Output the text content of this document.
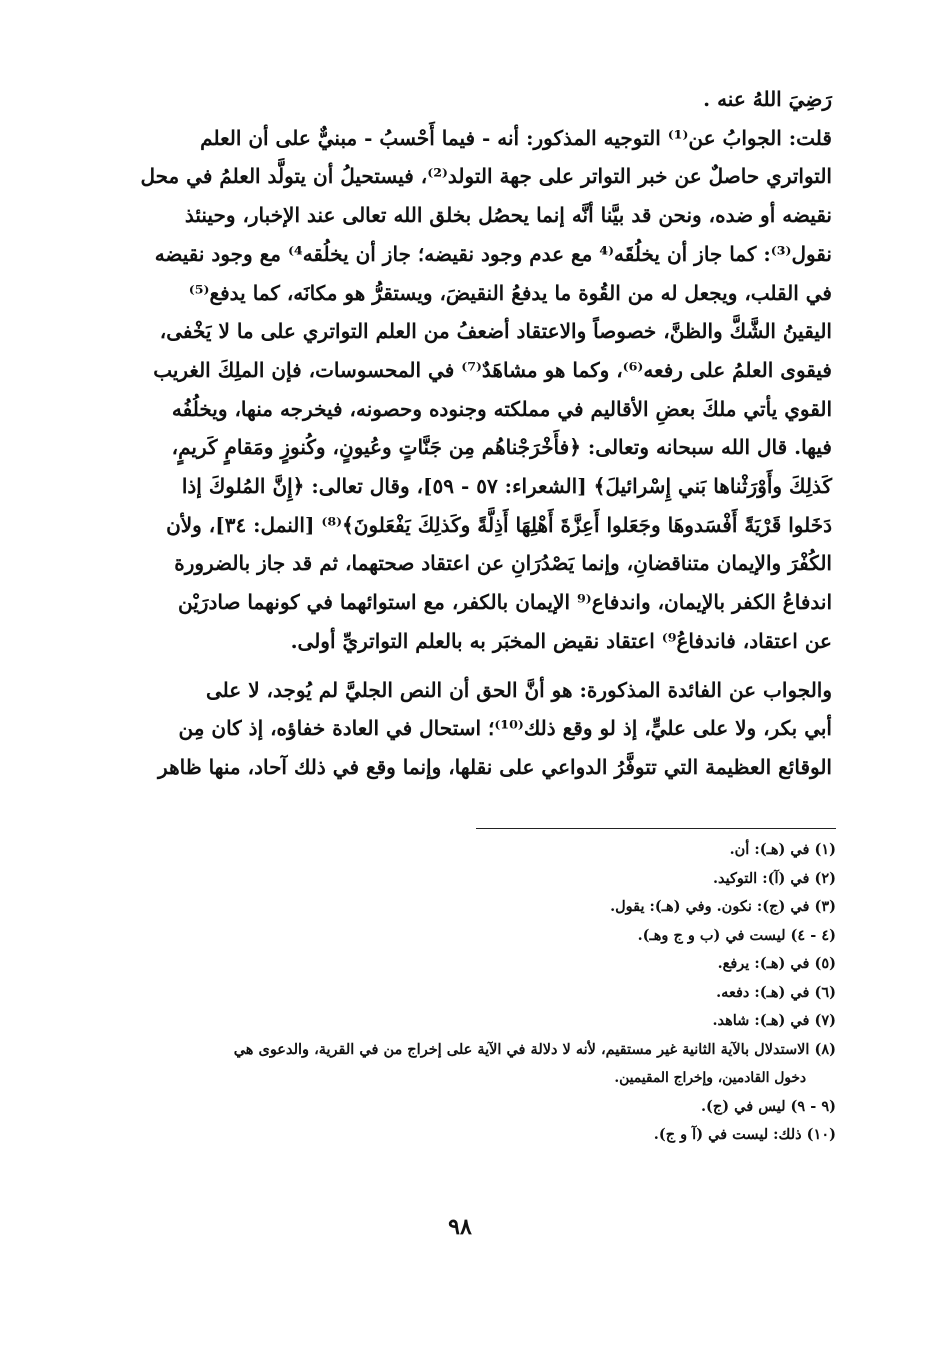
رَضِيَ اللهُ عنه .
قلت: الجوابُ عن⁽¹⁾ التوجيه المذكور: أنه - فيما أَحْسبُ - مبنيٌّ على أن العلم
التواتري حاصلٌ عن خبر التواتر على جهة التولد⁽²⁾، فيستحيلُ أن يتولَّد العلمُ في محل
نقيضه أو ضده، ونحن قد بيَّنا أنَّه إنما يحصُل بخلق الله تعالى عند الإخبار، وحينئذ
نقول⁽³⁾: كما جاز أن يخلُقَه⁽⁴ مع عدم وجود نقيضه؛ جاز أن يخلُقه⁴⁾ مع وجود نقيضه
في القلب، ويجعل له من القُوة ما يدفعُ النقيضَ، ويستقرُّ هو مكانَه، كما يدفع⁽⁵⁾
اليقينُ الشَّكَّ والظنَّ، خصوصاً والاعتقاد أضعفُ من العلم التواتري على ما لا يَخْفى،
فيقوى العلمُ على رفعه⁽⁶⁾، وكما هو مشاهَدٌ⁽⁷⁾ في المحسوسات، فإن الملِكَ الغريب
القوي يأتي ملكَ بعضِ الأقاليم في مملكته وجنوده وحصونه، فيخرجه منها، ويخلُفُه
فيها. قال الله سبحانه وتعالى: ﴿فأَخْرَجْناهُم مِن جَنَّاتٍ وعُيونٍ، وكُنوزٍ ومَقامٍ كَريمٍ،
كَذلِكَ وأَوْرَثْناها بَني إِسْرائيلَ﴾ [الشعراء: ٥٧ - ٥٩]، وقال تعالى: ﴿إِنَّ المُلوكَ إذا
دَخَلوا قَرْيَةً أَفْسَدوهَا وجَعَلوا أَعِزَّةَ أَهْلِهَا أَذِلَّةً وكَذلِكَ يَفْعَلونَ﴾⁽⁸⁾ [النمل: ٣٤]، ولأن
الكُفْرَ والإيمان متناقضانِ، وإنما يَصْدُرَانِ عن اعتقاد صحتهما، ثم قد جاز بالضرورة
اندفاعُ الكفر بالإيمان، واندفاع⁽⁹ الإيمان بالكفر، مع استوائهما في كونهما صادرَيْن
عن اعتقاد، فاندفاعُ⁹⁾ اعتقاد نقيض المخبَر به بالعلم التواتريِّ أولى.
والجواب عن الفائدة المذكورة: هو أنَّ الحق أن النص الجليَّ لم يُوجد، لا على
أبي بكر، ولا على عليٍّ، إذ لو وقع ذلك⁽¹⁰⁾؛ استحال في العادة خفاؤه، إذ كان مِن
الوقائع العظيمة التي تتوفَّرُ الدواعي على نقلها، وإنما وقع في ذلك آحاد، منها ظاهر
(١) في (هـ): أن.
(٢) في (آ): التوكيد.
(٣) في (ج): نكون. وفي (هـ): يقول.
(٤ - ٤) ليست في (ب و ج وهـ).
(٥) في (هـ): يرفع.
(٦) في (هـ): دفعه.
(٧) في (هـ): شاهد.
(٨) الاستدلال بالآية الثانية غير مستقيم، لأنه لا دلالة في الآية على إخراج من في القرية، والدعوى هي
دخول القادمين، وإخراج المقيمين.
(٩ - ٩) ليس في (ج).
(١٠) ذلك: ليست في (آ و ج).
٩٨
